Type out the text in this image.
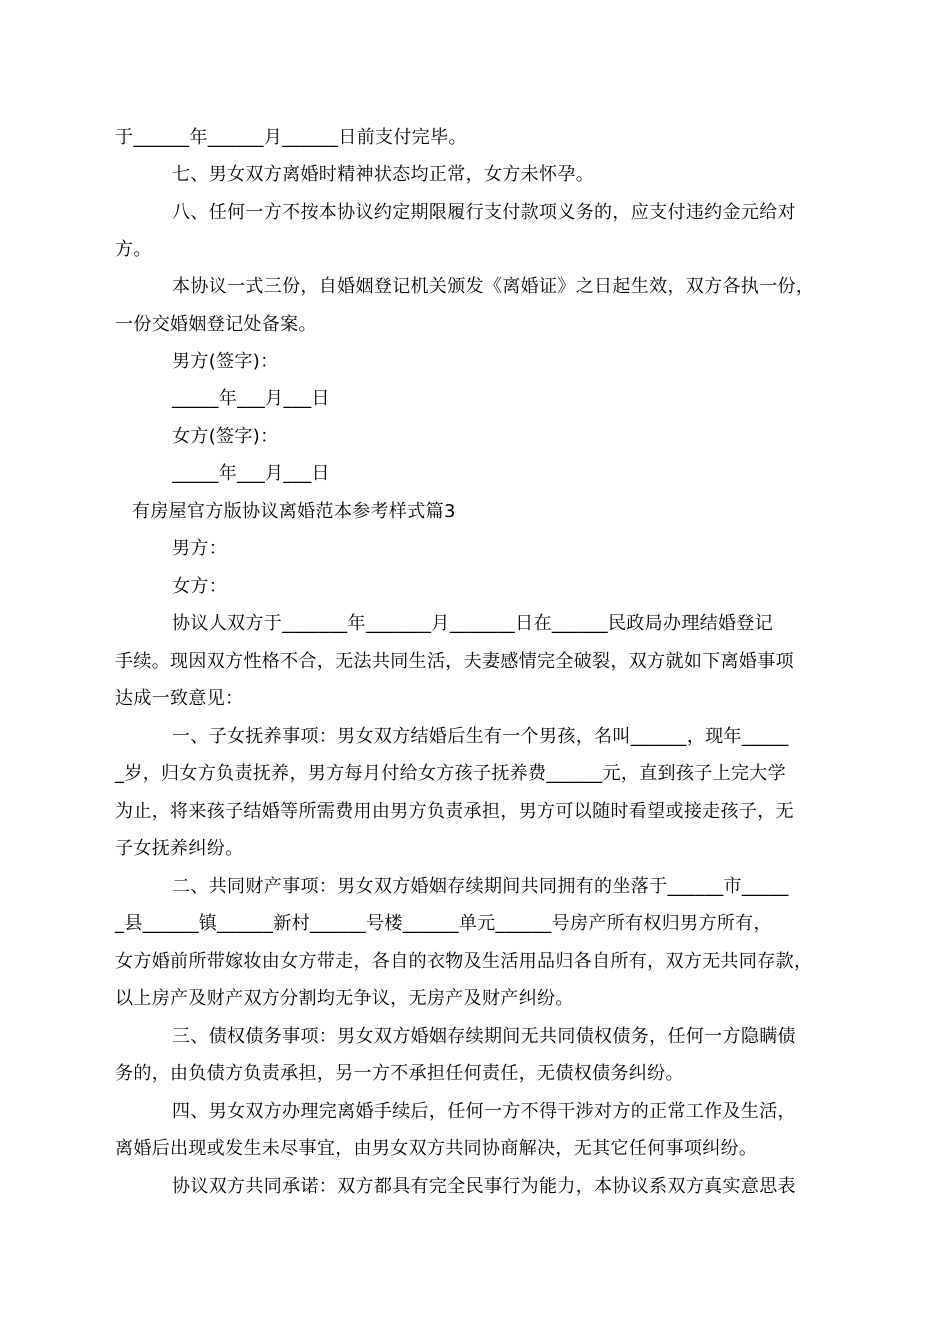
于______年______月______日前支付完毕。
七、男女双方离婚时精神状态均正常，女方未怀孕。
八、任何一方不按本协议约定期限履行支付款项义务的，应支付违约金元给对
方。
本协议一式三份，自婚姻登记机关颁发《离婚证》之日起生效，双方各执一份，
一份交婚姻登记处备案。
男方(签字)：
_____年___月___日
女方(签字)：
_____年___月___日
有房屋官方版协议离婚范本参考样式篇3
男方：
女方：
协议人双方于_______年_______月_______日在______民政局办理结婚登记
手续。现因双方性格不合，无法共同生活，夫妻感情完全破裂，双方就如下离婚事项
达成一致意见：
一、子女抚养事项：男女双方结婚后生有一个男孩，名叫______，现年_____
_岁，归女方负责抚养，男方每月付给女方孩子抚养费______元，直到孩子上完大学
为止，将来孩子结婚等所需费用由男方负责承担，男方可以随时看望或接走孩子，无
子女抚养纠纷。
二、共同财产事项：男女双方婚姻存续期间共同拥有的坐落于______市_____
_县______镇______新村______号楼______单元______号房产所有权归男方所有，
女方婚前所带嫁妆由女方带走，各自的衣物及生活用品归各自所有，双方无共同存款，
以上房产及财产双方分割均无争议，无房产及财产纠纷。
三、债权债务事项：男女双方婚姻存续期间无共同债权债务，任何一方隐瞒债
务的，由负债方负责承担，另一方不承担任何责任，无债权债务纠纷。
四、男女双方办理完离婚手续后，任何一方不得干涉对方的正常工作及生活，
离婚后出现或发生未尽事宜，由男女双方共同协商解决，无其它任何事项纠纷。
协议双方共同承诺：双方都具有完全民事行为能力，本协议系双方真实意思表
